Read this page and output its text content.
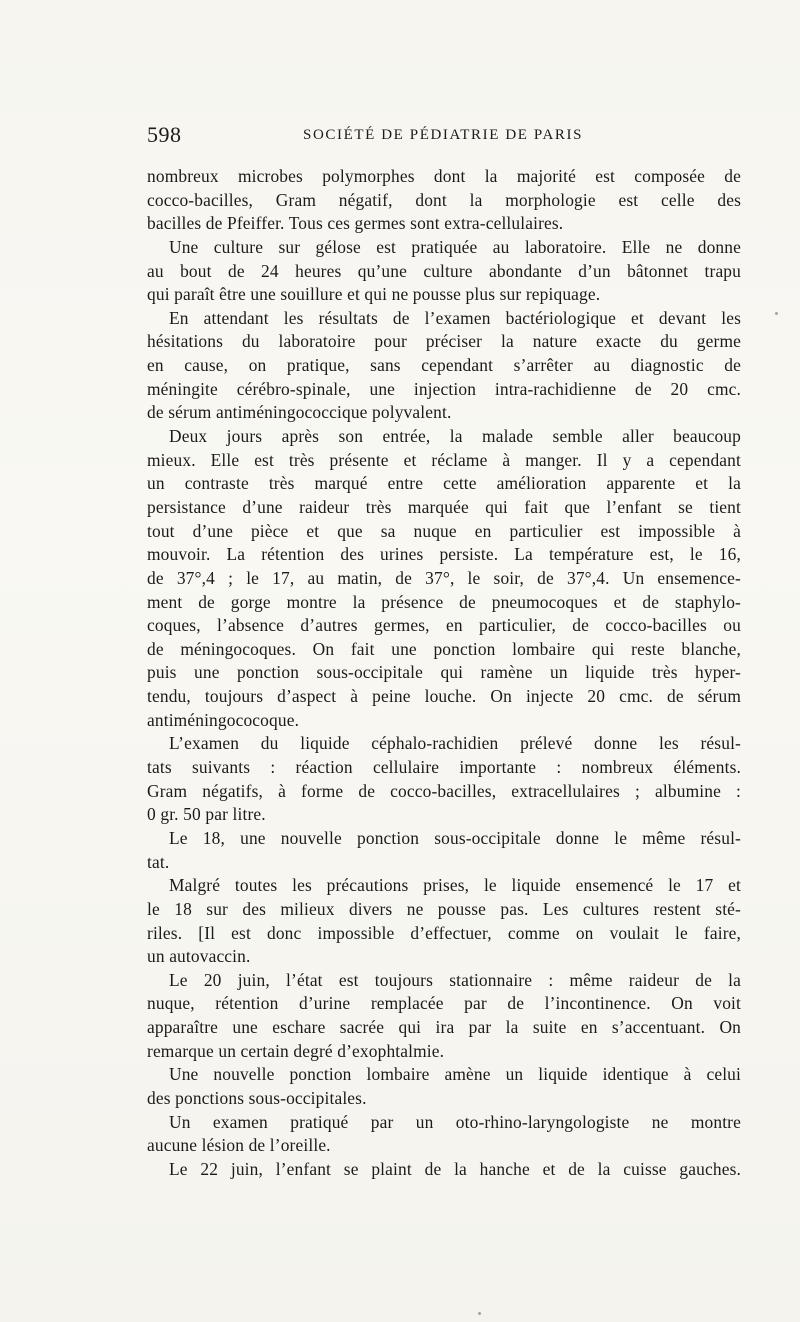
598	SOCIÉTÉ DE PÉDIATRIE DE PARIS
nombreux microbes polymorphes dont la majorité est composée de
cocco-bacilles, Gram négatif, dont la morphologie est celle des
bacilles de Pfeiffer. Tous ces germes sont extra-cellulaires.
Une culture sur gélose est pratiquée au laboratoire. Elle ne donne
au bout de 24 heures qu’une culture abondante d’un bâtonnet trapu
qui paraît être une souillure et qui ne pousse plus sur repiquage.
En attendant les résultats de l’examen bactériologique et devant les
hésitations du laboratoire pour préciser la nature exacte du germe
en cause, on pratique, sans cependant s’arrêter au diagnostic de
méningite cérébro-spinale, une injection intra-rachidienne de 20 cmc.
de sérum antiméningococcique polyvalent.
Deux jours après son entrée, la malade semble aller beaucoup
mieux. Elle est très présente et réclame à manger. Il y a cependant
un contraste très marqué entre cette amélioration apparente et la
persistance d’une raideur très marquée qui fait que l’enfant se tient
tout d’une pièce et que sa nuque en particulier est impossible à
mouvoir. La rétention des urines persiste. La température est, le 16,
de 37°,4 ; le 17, au matin, de 37°, le soir, de 37°,4. Un ensemence-
ment de gorge montre la présence de pneumocoques et de staphylo-
coques, l’absence d’autres germes, en particulier, de cocco-bacilles ou
de méningocoques. On fait une ponction lombaire qui reste blanche,
puis une ponction sous-occipitale qui ramène un liquide très hyper-
tendu, toujours d’aspect à peine louche. On injecte 20 cmc. de sérum
antiméningococoque.
L’examen du liquide céphalo-rachidien prélevé donne les résul-
tats suivants : réaction cellulaire importante : nombreux éléments.
Gram négatifs, à forme de cocco-bacilles, extracellulaires ; albumine :
0 gr. 50 par litre.
Le 18, une nouvelle ponction sous-occipitale donne le même résul-
tat.
Malgré toutes les précautions prises, le liquide ensemencé le 17 et
le 18 sur des milieux divers ne pousse pas. Les cultures restent sté-
riles. [Il est donc impossible d’effectuer, comme on voulait le faire,
un autovaccin.
Le 20 juin, l’état est toujours stationnaire : même raideur de la
nuque, rétention d’urine remplacée par de l’incontinence. On voit
apparaître une eschare sacrée qui ira par la suite en s’accentuant. On
remarque un certain degré d’exophtalmie.
Une nouvelle ponction lombaire amène un liquide identique à celui
des ponctions sous-occipitales.
Un examen pratiqué par un oto-rhino-laryngologiste ne montre
aucune lésion de l’oreille.
Le 22 juin, l’enfant se plaint de la hanche et de la cuisse gauches.
